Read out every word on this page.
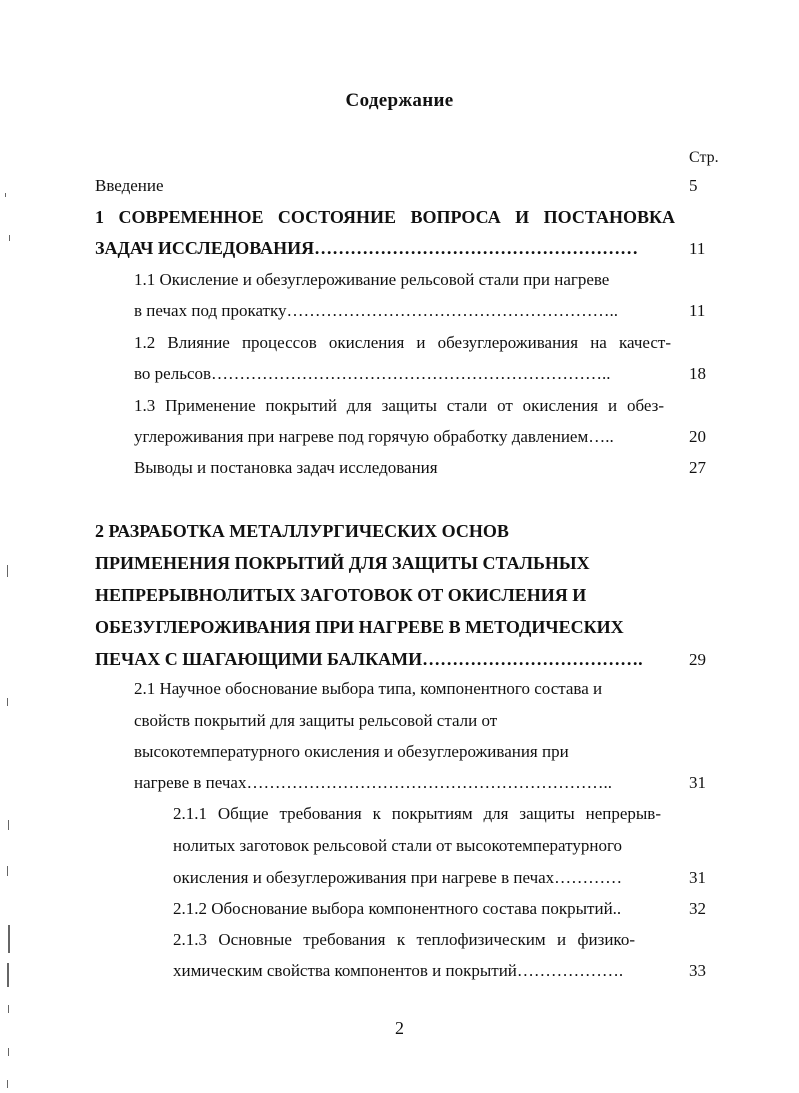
Содержание
Стр.
Введение	5
1 СОВРЕМЕННОЕ СОСТОЯНИЕ ВОПРОСА И ПОСТАНОВКА
ЗАДАЧ ИССЛЕДОВАНИЯ………………………………………………	11
1.1 Окисление и обезуглероживание рельсовой стали при нагреве
в печах под прокатку…………………………………………………..	11
1.2 Влияние процессов окисления и обезуглероживания на качест-
во рельсов……………………………………………………………..	18
1.3 Применение покрытий для защиты стали от окисления и обез-
углероживания при нагреве под горячую обработку давлением…..	20
Выводы и постановка задач исследования	27
2 РАЗРАБОТКА МЕТАЛЛУРГИЧЕСКИХ ОСНОВ
ПРИМЕНЕНИЯ ПОКРЫТИЙ ДЛЯ ЗАЩИТЫ СТАЛЬНЫХ
НЕПРЕРЫВНОЛИТЫХ ЗАГОТОВОК ОТ ОКИСЛЕНИЯ И
ОБЕЗУГЛЕРОЖИВАНИЯ ПРИ НАГРЕВЕ В МЕТОДИЧЕСКИХ
ПЕЧАХ С ШАГАЮЩИМИ БАЛКАМИ……………………………….	29
2.1 Научное обоснование выбора типа, компонентного состава и
свойств покрытий для защиты рельсовой стали от
высокотемпературного окисления и обезуглероживания при
нагреве в печах………………………………………………………..	31
2.1.1 Общие требования к покрытиям для защиты непрерыв-
нолитых заготовок рельсовой стали от высокотемпературного
окисления и обезуглероживания при нагреве в печах…………	31
2.1.2 Обоснование выбора компонентного состава покрытий..	32
2.1.3 Основные требования к теплофизическим и физико-
химическим свойства компонентов и покрытий……………….	33
2
